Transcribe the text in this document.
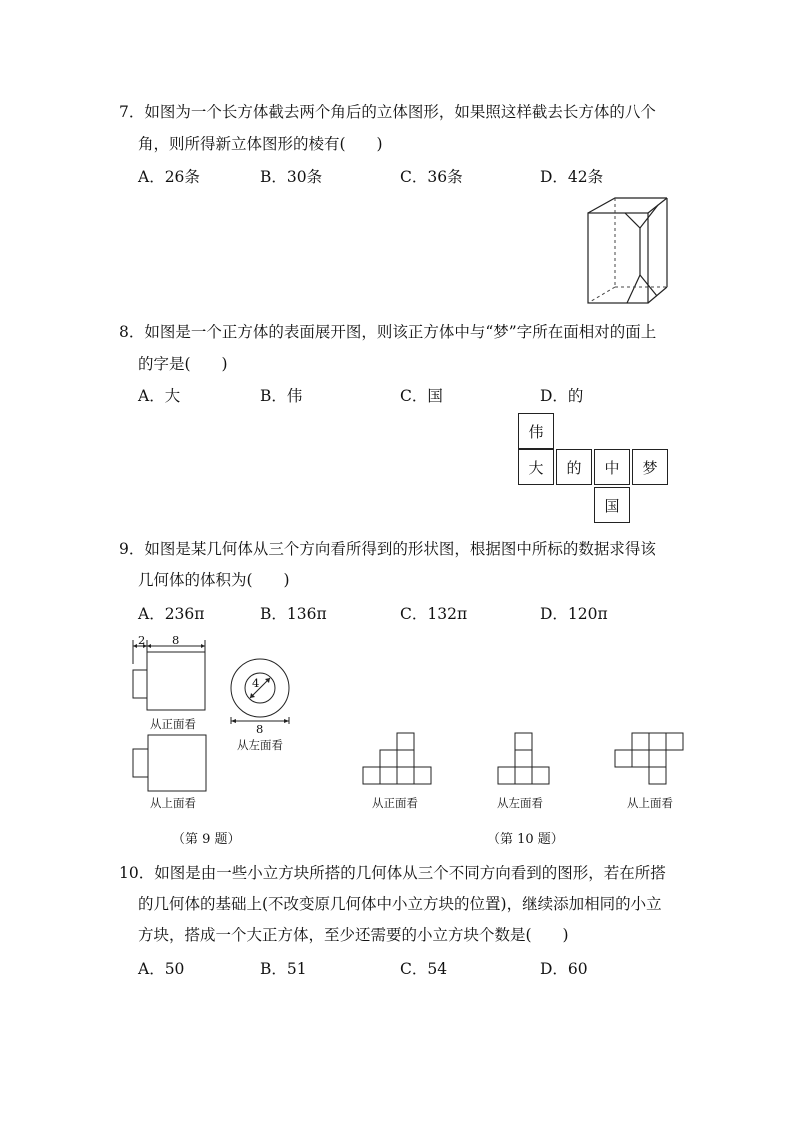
7．如图为一个长方体截去两个角后的立体图形，如果照这样截去长方体的八个
角，则所得新立体图形的棱有(　　)
A．26条	B．30条	C．36条	D．42条
8．如图是一个正方体的表面展开图，则该正方体中与“梦”字所在面相对的面上
的字是(　　)
A．大	B．伟	C．国	D．的
伟
大	的	中	梦
国
9．如图是某几何体从三个方向看所得到的形状图，根据图中所标的数据求得该
几何体的体积为(　　)
A．236π	B．136π	C．132π	D．120π
2 8
从正面看
4
8
从左面看
从上面看
（第 9 题）
从正面看	从左面看	从上面看
（第 10 题）
10．如图是由一些小立方块所搭的几何体从三个不同方向看到的图形，若在所搭
的几何体的基础上(不改变原几何体中小立方块的位置)，继续添加相同的小立
方块，搭成一个大正方体，至少还需要的小立方块个数是(　　)
A．50	B．51	C．54	D．60
